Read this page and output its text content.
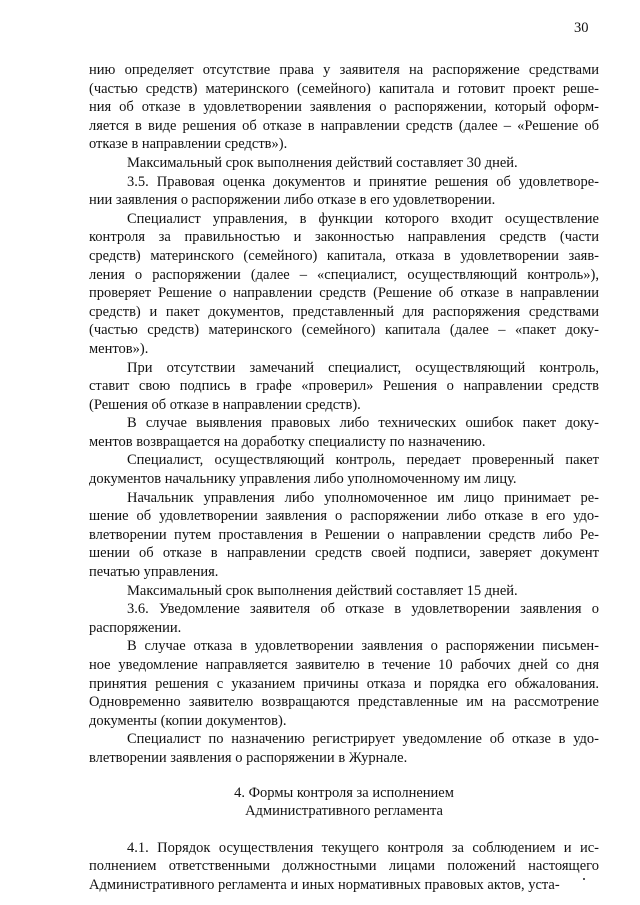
30
нию определяет отсутствие права у заявителя на распоряжение средствами
(частью средств) материнского (семейного) капитала и готовит проект реше-
ния об отказе в удовлетворении заявления о распоряжении, который оформ-
ляется в виде решения об отказе в направлении средств (далее – «Решение об
отказе в направлении средств»).
Максимальный срок выполнения действий составляет 30 дней.
3.5. Правовая оценка документов и принятие решения об удовлетворе-
нии заявления о распоряжении либо отказе в его удовлетворении.
Специалист управления, в функции которого входит осуществление
контроля за правильностью и законностью направления средств (части
средств) материнского (семейного) капитала, отказа в удовлетворении заяв-
ления о распоряжении (далее – «специалист, осуществляющий контроль»),
проверяет Решение о направлении средств (Решение об отказе в направлении
средств) и пакет документов, представленный для распоряжения средствами
(частью средств) материнского (семейного) капитала (далее – «пакет доку-
ментов»).
При отсутствии замечаний специалист, осуществляющий контроль,
ставит свою подпись в графе «проверил» Решения о направлении средств
(Решения об отказе в направлении средств).
В случае выявления правовых либо технических ошибок пакет доку-
ментов возвращается на доработку специалисту по назначению.
Специалист, осуществляющий контроль, передает проверенный пакет
документов начальнику управления либо уполномоченному им лицу.
Начальник управления либо уполномоченное им лицо принимает ре-
шение об удовлетворении заявления о распоряжении либо отказе в его удо-
влетворении путем проставления в Решении о направлении средств либо Ре-
шении об отказе в направлении средств своей подписи, заверяет документ
печатью управления.
Максимальный срок выполнения действий составляет 15 дней.
3.6. Уведомление заявителя об отказе в удовлетворении заявления о
распоряжении.
В случае отказа в удовлетворении заявления о распоряжении письмен-
ное уведомление направляется заявителю в течение 10 рабочих дней со дня
принятия решения с указанием причины отказа и порядка его обжалования.
Одновременно заявителю возвращаются представленные им на рассмотрение
документы (копии документов).
Специалист по назначению регистрирует уведомление об отказе в удо-
влетворении заявления о распоряжении в Журнале.

4. Формы контроля за исполнением

Административного регламента

4.1. Порядок осуществления текущего контроля за соблюдением и ис-
полнением ответственными должностными лицами положений настоящего
Административного регламента и иных нормативных правовых актов, уста-
